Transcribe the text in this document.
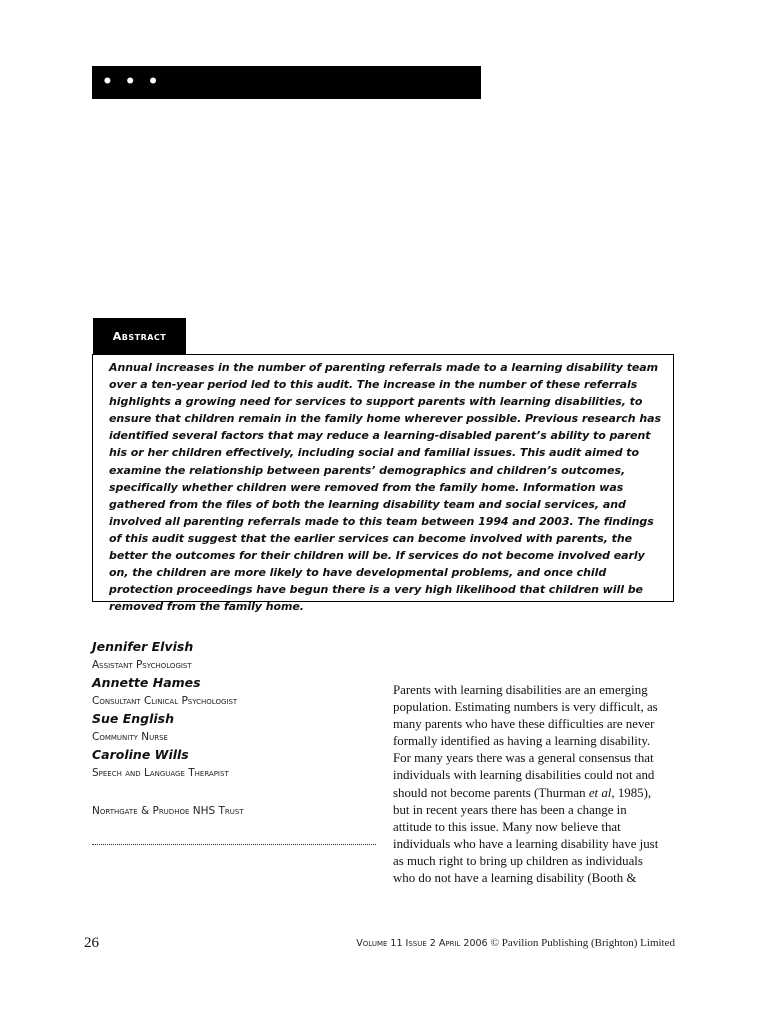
• • •
Abstract

Annual increases in the number of parenting referrals made to a learning disability team over a ten-year period led to this audit. The increase in the number of these referrals highlights a growing need for services to support parents with learning disabilities, to ensure that children remain in the family home wherever possible. Previous research has identified several factors that may reduce a learning-disabled parent’s ability to parent his or her children effectively, including social and familial issues. This audit aimed to examine the relationship between parents’ demographics and children’s outcomes, specifically whether children were removed from the family home. Information was gathered from the files of both the learning disability team and social services, and involved all parenting referrals made to this team between 1994 and 2003. The findings of this audit suggest that the earlier services can become involved with parents, the better the outcomes for their children will be. If services do not become involved early on, the children are more likely to have developmental problems, and once child protection proceedings have begun there is a very high likelihood that children will be removed from the family home.

Jennifer Elvish

Assistant Psychologist

Annette Hames

Consultant Clinical Psychologist

Sue English

Community Nurse

Caroline Wills

Speech and Language Therapist

Northgate & Prudhoe NHS Trust

Parents with learning disabilities are an emerging

population. Estimating numbers is very difficult, as

many parents who have these difficulties are never

formally identified as having a learning disability.

For many years there was a general consensus that

individuals with learning disabilities could not and

should not become parents (Thurman et al, 1985),

but in recent years there has been a change in

attitude to this issue. Many now believe that

individuals who have a learning disability have just

as much right to bring up children as individuals

who do not have a learning disability (Booth &

26	Volume 11 Issue 2 April 2006 © Pavilion Publishing (Brighton) Limited
